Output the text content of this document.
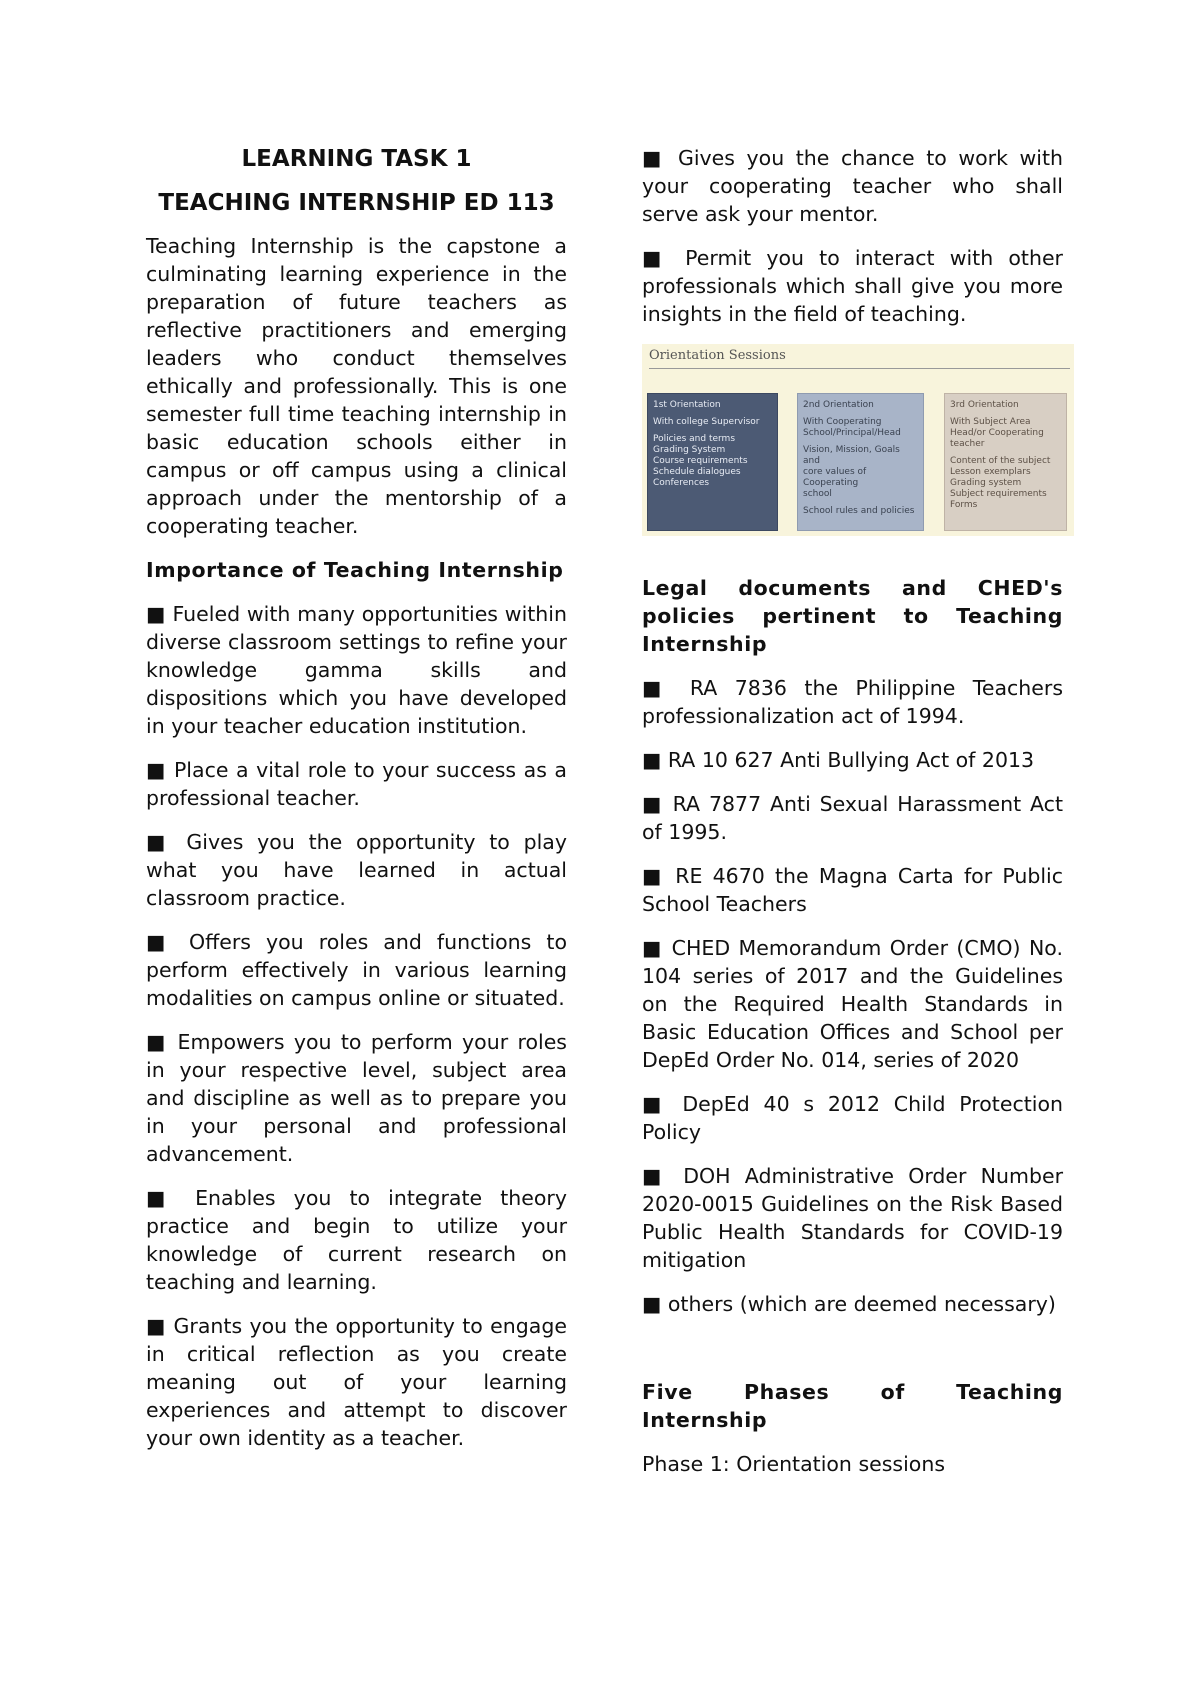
LEARNING TASK 1
TEACHING INTERNSHIP ED 113

Teaching Internship is the capstone a culminating learning experience in the preparation of future teachers as reflective practitioners and emerging leaders who conduct themselves ethically and professionally. This is one semester full time teaching internship in basic education schools either in campus or off campus using a clinical approach under the mentorship of a cooperating teacher.

Importance of Teaching Internship

■ Fueled with many opportunities within diverse classroom settings to refine your knowledge gamma skills and dispositions which you have developed in your teacher education institution.

■ Place a vital role to your success as a professional teacher.

■ Gives you the opportunity to play what you have learned in actual classroom practice.

■ Offers you roles and functions to perform effectively in various learning modalities on campus online or situated.

■ Empowers you to perform your roles in your respective level, subject area and discipline as well as to prepare you in your personal and professional advancement.

■ Enables you to integrate theory practice and begin to utilize your knowledge of current research on teaching and learning.

■ Grants you the opportunity to engage in critical reflection as you create meaning out of your learning experiences and attempt to discover your own identity as a teacher.

■ Gives you the chance to work with your cooperating teacher who shall serve ask your mentor.

■ Permit you to interact with other professionals which shall give you more insights in the field of teaching.

Orientation Sessions
1st Orientation
With college Supervisor
Policies and terms
Grading System
Course requirements
Schedule dialogues
Conferences
2nd Orientation
With Cooperating
School/Principal/Head
Vision, Mission, Goals and
core values of Cooperating
school
School rules and policies
3rd Orientation
With Subject Area
Head/or Cooperating
teacher
Content of the subject
Lesson exemplars
Grading system
Subject requirements
Forms
Legal documents and CHED's policies pertinent to Teaching Internship

■ RA 7836 the Philippine Teachers professionalization act of 1994.

■ RA 10 627 Anti Bullying Act of 2013

■ RA 7877 Anti Sexual Harassment Act of 1995.

■ RE 4670 the Magna Carta for Public School Teachers

■ CHED Memorandum Order (CMO) No. 104 series of 2017 and the Guidelines on the Required Health Standards in Basic Education Offices and School per DepEd Order No. 014, series of 2020

■ DepEd 40 s 2012 Child Protection Policy

■ DOH Administrative Order Number 2020-0015 Guidelines on the Risk Based Public Health Standards for COVID-19 mitigation

■ others (which are deemed necessary)

Five Phases of Teaching Internship

Phase 1: Orientation sessions
